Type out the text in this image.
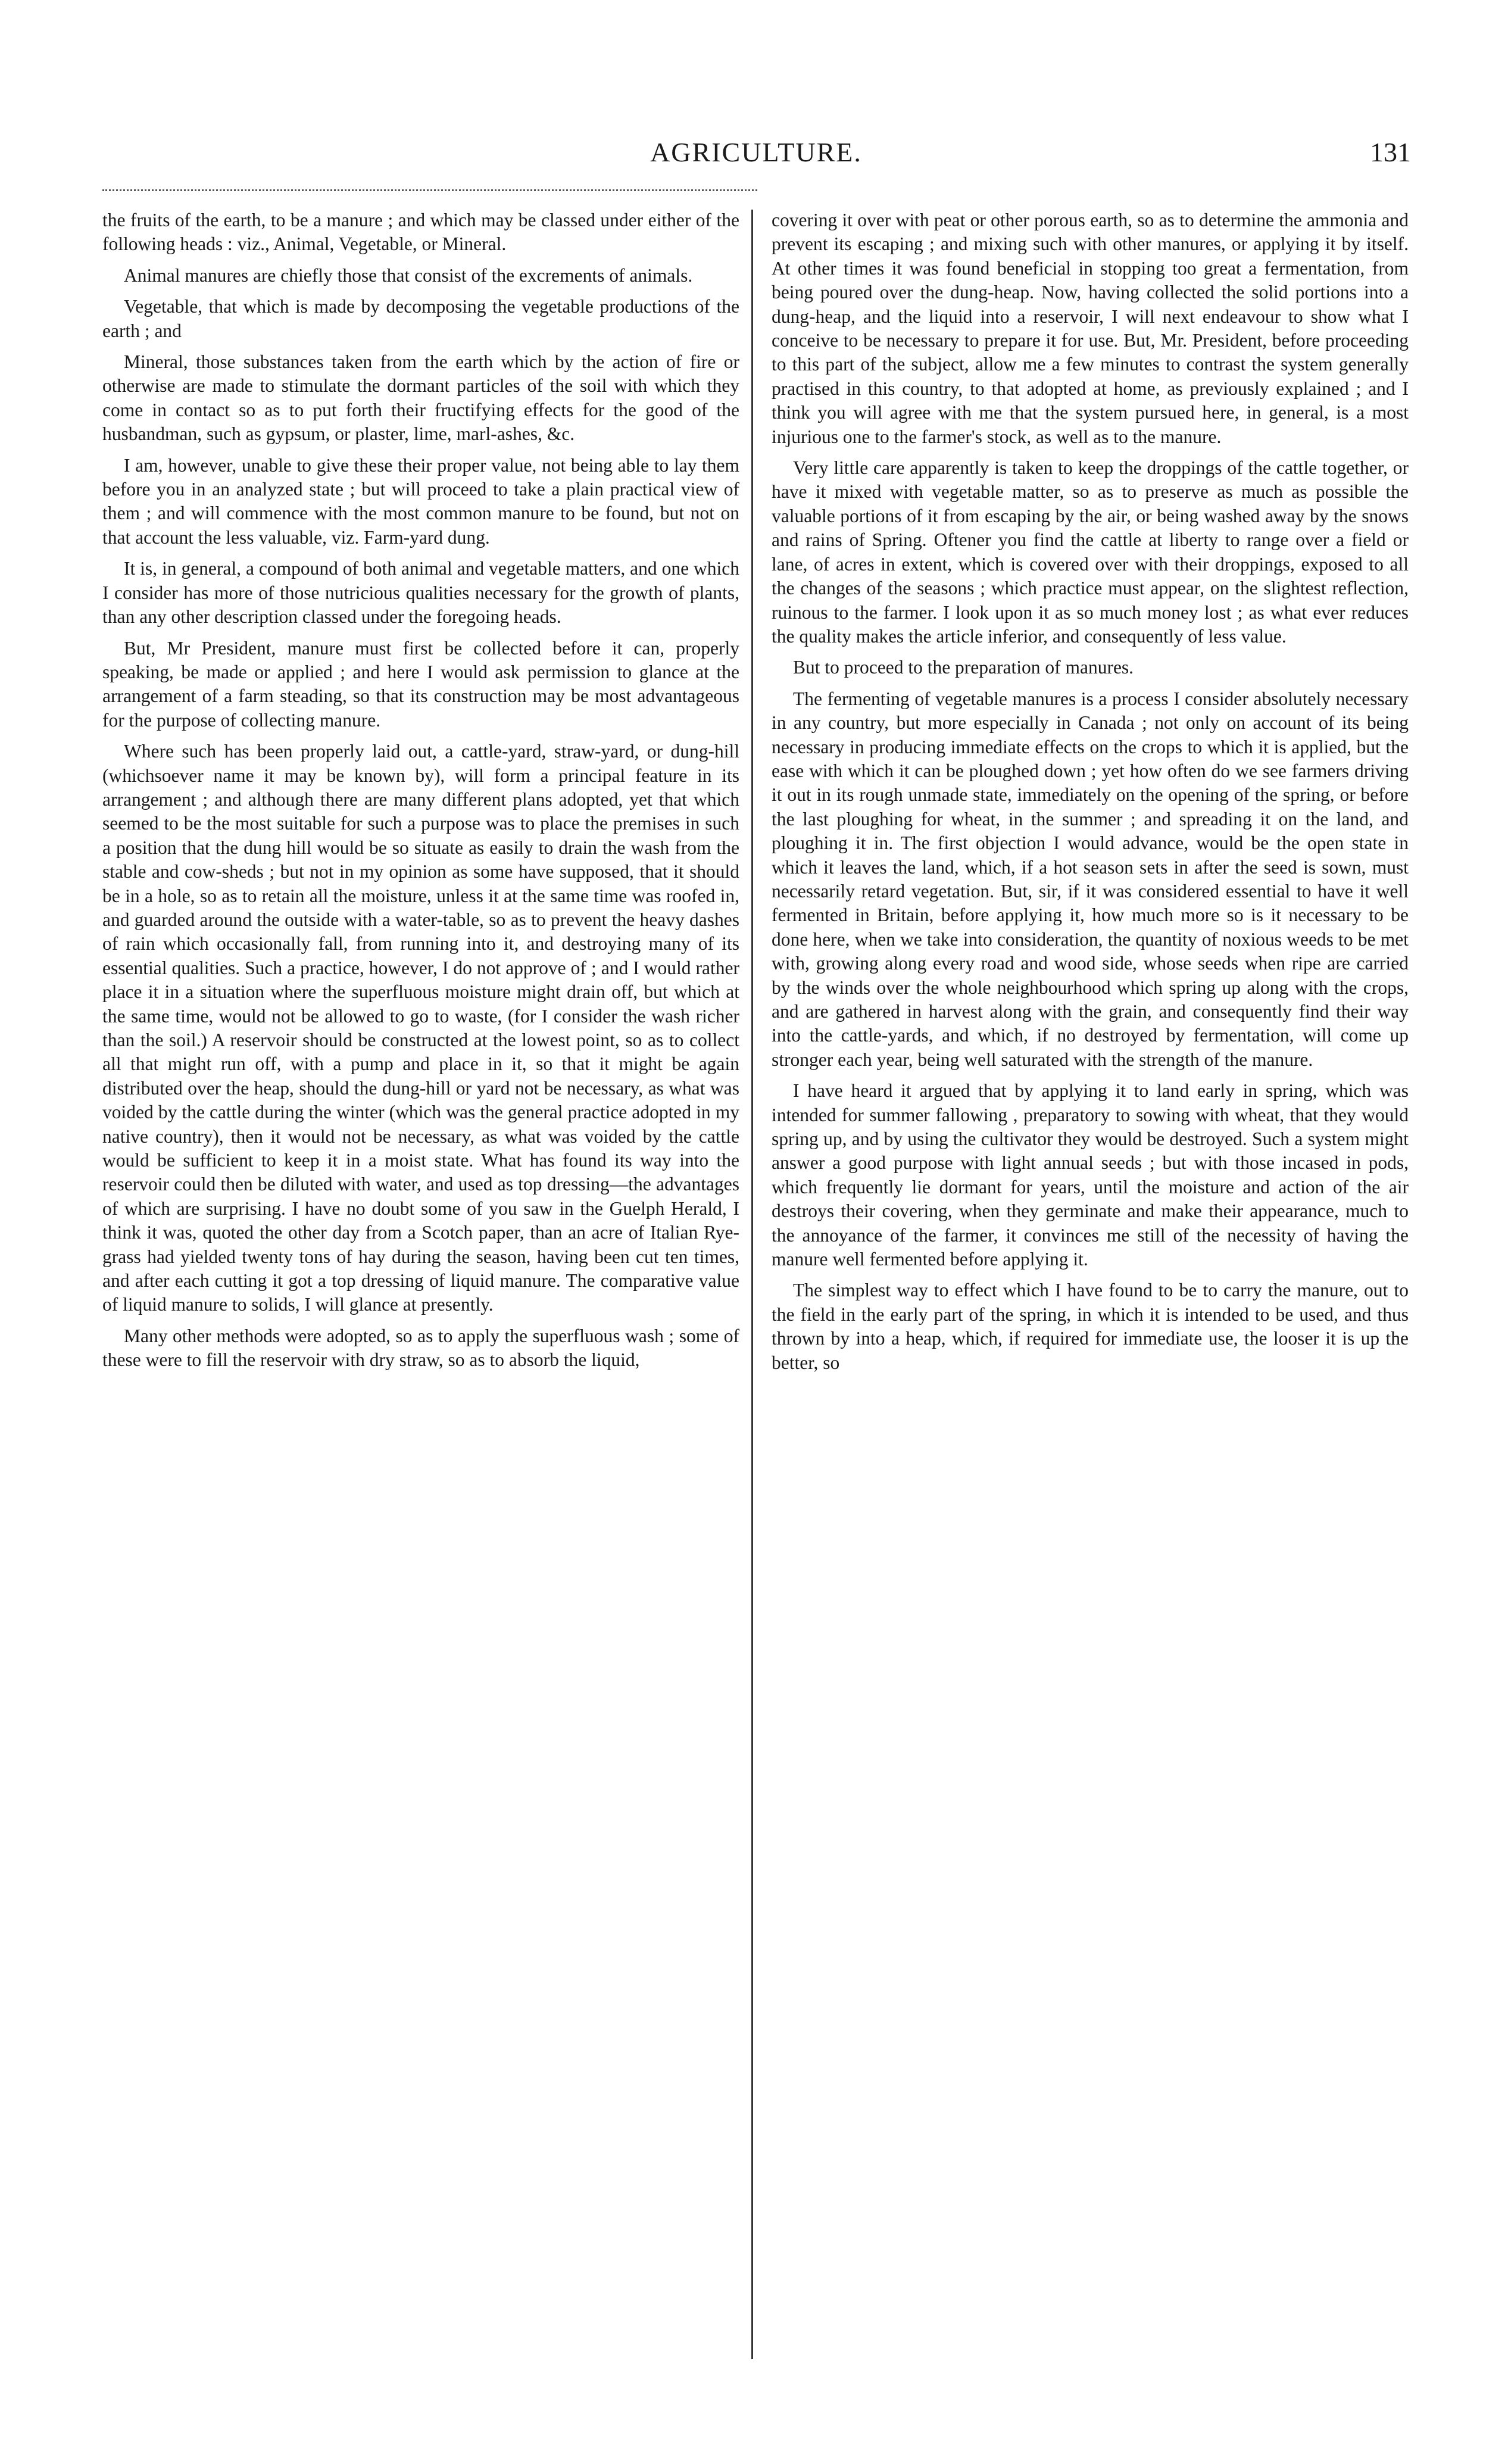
AGRICULTURE.	131

the fruits of the earth, to be a manure ; and which may be classed under either of the following heads : viz., Animal, Vegetable, or Mineral.

Animal manures are chiefly those that consist of the excrements of animals.

Vegetable, that which is made by decomposing the vegetable productions of the earth ; and

Mineral, those substances taken from the earth which by the action of fire or otherwise are made to stimulate the dormant particles of the soil with which they come in contact so as to put forth their fructifying effects for the good of the husbandman, such as gypsum, or plaster, lime, marl-ashes, &c.

I am, however, unable to give these their proper value, not being able to lay them before you in an analyzed state ; but will proceed to take a plain practical view of them ; and will commence with the most common manure to be found, but not on that account the less valuable, viz. Farm-yard dung.

It is, in general, a compound of both animal and vegetable matters, and one which I consider has more of those nutricious qualities necessary for the growth of plants, than any other description classed under the foregoing heads.

But, Mr President, manure must first be collected before it can, properly speaking, be made or applied ; and here I would ask permission to glance at the arrangement of a farm steading, so that its construction may be most advantageous for the purpose of collecting manure.

Where such has been properly laid out, a cattle-yard, straw-yard, or dung-hill (whichsoever name it may be known by), will form a principal feature in its arrangement ; and although there are many different plans adopted, yet that which seemed to be the most suitable for such a purpose was to place the premises in such a position that the dung hill would be so situate as easily to drain the wash from the stable and cow-sheds ; but not in my opinion as some have supposed, that it should be in a hole, so as to retain all the moisture, unless it at the same time was roofed in, and guarded around the outside with a water-table, so as to prevent the heavy dashes of rain which occasionally fall, from running into it, and destroying many of its essential qualities. Such a practice, however, I do not approve of ; and I would rather place it in a situation where the superfluous moisture might drain off, but which at the same time, would not be allowed to go to waste, (for I consider the wash richer than the soil.) A reservoir should be constructed at the lowest point, so as to collect all that might run off, with a pump and place in it, so that it might be again distributed over the heap, should the dung-hill or yard not be necessary, as what was voided by the cattle during the winter (which was the general practice adopted in my native country), then it would not be necessary, as what was voided by the cattle would be sufficient to keep it in a moist state. What has found its way into the reservoir could then be diluted with water, and used as top dressing—the advantages of which are surprising. I have no doubt some of you saw in the Guelph Herald, I think it was, quoted the other day from a Scotch paper, than an acre of Italian Rye-grass had yielded twenty tons of hay during the season, having been cut ten times, and after each cutting it got a top dressing of liquid manure. The comparative value of liquid manure to solids, I will glance at presently.

Many other methods were adopted, so as to apply the superfluous wash ; some of these were to fill the reservoir with dry straw, so as to absorb the liquid,

covering it over with peat or other porous earth, so as to determine the ammonia and prevent its escaping ; and mixing such with other manures, or applying it by itself. At other times it was found beneficial in stopping too great a fermentation, from being poured over the dung-heap. Now, having collected the solid portions into a dung-heap, and the liquid into a reservoir, I will next endeavour to show what I conceive to be necessary to prepare it for use. But, Mr. President, before proceeding to this part of the subject, allow me a few minutes to contrast the system generally practised in this country, to that adopted at home, as previously explained ; and I think you will agree with me that the system pursued here, in general, is a most injurious one to the farmer's stock, as well as to the manure.

Very little care apparently is taken to keep the droppings of the cattle together, or have it mixed with vegetable matter, so as to preserve as much as possible the valuable portions of it from escaping by the air, or being washed away by the snows and rains of Spring. Oftener you find the cattle at liberty to range over a field or lane, of acres in extent, which is covered over with their droppings, exposed to all the changes of the seasons ; which practice must appear, on the slightest reflection, ruinous to the farmer. I look upon it as so much money lost ; as what ever reduces the quality makes the article inferior, and consequently of less value.

But to proceed to the preparation of manures.

The fermenting of vegetable manures is a process I consider absolutely necessary in any country, but more especially in Canada ; not only on account of its being necessary in producing immediate effects on the crops to which it is applied, but the ease with which it can be ploughed down ; yet how often do we see farmers driving it out in its rough unmade state, immediately on the opening of the spring, or before the last ploughing for wheat, in the summer ; and spreading it on the land, and ploughing it in. The first objection I would advance, would be the open state in which it leaves the land, which, if a hot season sets in after the seed is sown, must necessarily retard vegetation. But, sir, if it was considered essential to have it well fermented in Britain, before applying it, how much more so is it necessary to be done here, when we take into consideration, the quantity of noxious weeds to be met with, growing along every road and wood side, whose seeds when ripe are carried by the winds over the whole neighbourhood which spring up along with the crops, and are gathered in harvest along with the grain, and consequently find their way into the cattle-yards, and which, if no destroyed by fermentation, will come up stronger each year, being well saturated with the strength of the manure.

I have heard it argued that by applying it to land early in spring, which was intended for summer fallowing , preparatory to sowing with wheat, that they would spring up, and by using the cultivator they would be destroyed. Such a system might answer a good purpose with light annual seeds ; but with those incased in pods, which frequently lie dormant for years, until the moisture and action of the air destroys their covering, when they germinate and make their appearance, much to the annoyance of the farmer, it convinces me still of the necessity of having the manure well fermented before applying it.

The simplest way to effect which I have found to be to carry the manure, out to the field in the early part of the spring, in which it is intended to be used, and thus thrown by into a heap, which, if required for immediate use, the looser it is up the better, so
